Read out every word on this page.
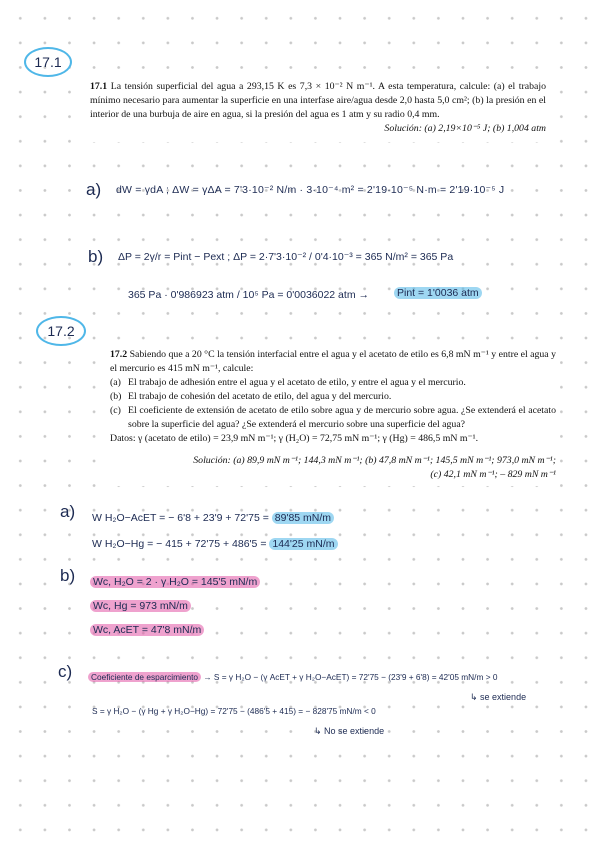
17.1

17.1 La tensión superficial del agua a 293,15 K es 7,3 × 10⁻² N m⁻¹. A esta temperatura, calcule: (a) el trabajo mínimo necesario para aumentar la superficie en una interfase aire/agua desde 2,0 hasta 5,0 cm²; (b) la presión en el interior de una burbuja de aire en agua, si la presión del agua es 1 atm y su radio 0,4 mm.

Solución: (a) 2,19×10⁻⁵ J; (b) 1,004 atm

a) dW = γdA ; ΔW = γΔA = 7'3·10⁻² N/m · 3·10⁻⁴ m² = 2'19·10⁻⁵ N·m = 2'19·10⁻⁵ J
b) ΔP = 2γ/r = Pint − Pext ; ΔP = 2·7'3·10⁻² / 0'4·10⁻³ = 365 N/m² = 365 Pa
365 Pa · 0'986923 atm / 10⁵ Pa = 0'0036022 atm →	Pint = 1'0036 atm
17.2

17.2 Sabiendo que a 20 °C la tensión interfacial entre el agua y el acetato de etilo es 6,8 mN m⁻¹ y entre el agua y el mercurio es 415 mN m⁻¹, calcule:

(a) El trabajo de adhesión entre el agua y el acetato de etilo, y entre el agua y el mercurio.
(b) El trabajo de cohesión del acetato de etilo, del agua y del mercurio.
(c) El coeficiente de extensión de acetato de etilo sobre agua y de mercurio sobre agua. ¿Se extenderá el acetato sobre la superficie del agua? ¿Se extenderá el mercurio sobre una superficie del agua?

Datos: γ (acetato de etilo) = 23,9 mN m⁻¹; γ (H₂O) = 72,75 mN m⁻¹; γ (Hg) = 486,5 mN m⁻¹.

Solución: (a) 89,9 mN m⁻¹; 144,3 mN m⁻¹; (b) 47,8 mN m⁻¹; 145,5 mN m⁻¹; 973,0 mN m⁻¹;

(c) 42,1 mN m⁻¹; – 829 mN m⁻¹

a) W H₂O−AcET = − 6'8 + 23'9 + 72'75 = 89'85 mN/m
W H₂O−Hg = − 415 + 72'75 + 486'5 = 144'25 mN/m
b) Wc, H₂O = 2 · γ H₂O = 145'5 mN/m
Wc, Hg = 973 mN/m
Wc, AcET = 47'8 mN/m
c)	Coeficiente de esparcimiento → S = γ H₂O − (γ AcET + γ H₂O−AcET) = 72'75 − (23'9 + 6'8) = 42'05 mN/m > 0
↳ se extiende
S = γ H₂O − (γ Hg + γ H₂O−Hg) = 72'75 − (486'5 + 415) = − 828'75 mN/m < 0
↳ No se extiende
